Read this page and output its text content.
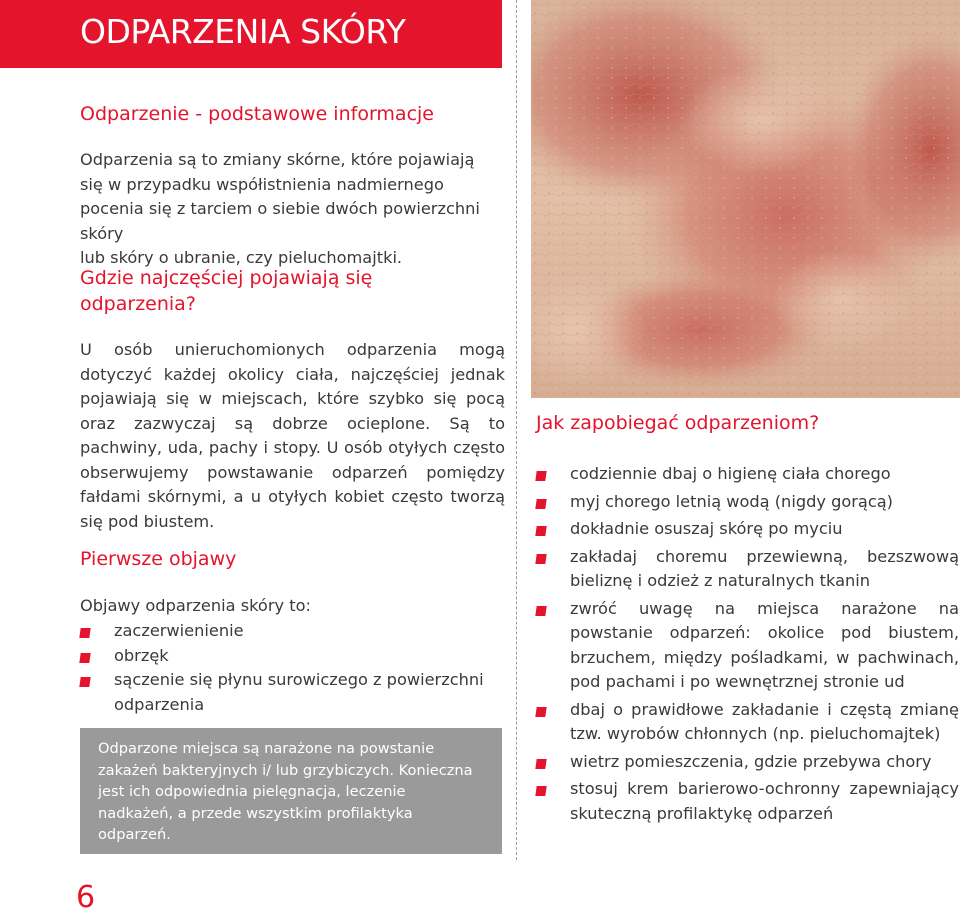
ODPARZENIA SKÓRY
Odparzenie - podstawowe informacje

Odparzenia są to zmiany skórne, które pojawiają

się w przypadku współistnienia nadmiernego pocenia się z tarciem o siebie dwóch powierzchni skóry

lub skóry o ubranie, czy pieluchomajtki.

Gdzie najczęściej pojawiają się
odparzenia?
U osób unieruchomionych odparzenia mogą dotyczyć każdej okolicy ciała, najczęściej jednak pojawiają się w miejscach, które szybko się pocą oraz zazwyczaj są dobrze ocieplone. Są to pachwiny, uda, pachy i stopy. U osób otyłych często obserwujemy powstawanie odparzeń pomiędzy fałdami skórnymi, a u otyłych kobiet często tworzą się pod biustem.
Pierwsze objawy
Objawy odparzenia skóry to:
zaczerwienienie
obrzęk
sączenie się płynu surowiczego z powierzchni odparzenia
Odparzone miejsca są narażone na powstanie zakażeń bakteryjnych i/ lub grzybiczych. Konieczna jest ich odpowiednia pielęgnacja, leczenie nadkażeń, a przede wszystkim profilaktyka odparzeń.
6
Jak zapobiegać odparzeniom?
codziennie dbaj o higienę ciała chorego
myj chorego letnią wodą (nigdy gorącą)
dokładnie osuszaj skórę po myciu
zakładaj choremu przewiewną, bezszwową bieliznę i odzież z naturalnych tkanin
zwróć uwagę na miejsca narażone na powstanie odparzeń: okolice pod biustem, brzuchem, między pośladkami, w pachwinach, pod pachami i po wewnętrznej stronie ud
dbaj o prawidłowe zakładanie i częstą zmianę tzw. wyrobów chłonnych (np. pieluchomajtek)
wietrz pomieszczenia, gdzie przebywa chory
stosuj krem barierowo-ochronny zapewniający skuteczną profilaktykę odparzeń
